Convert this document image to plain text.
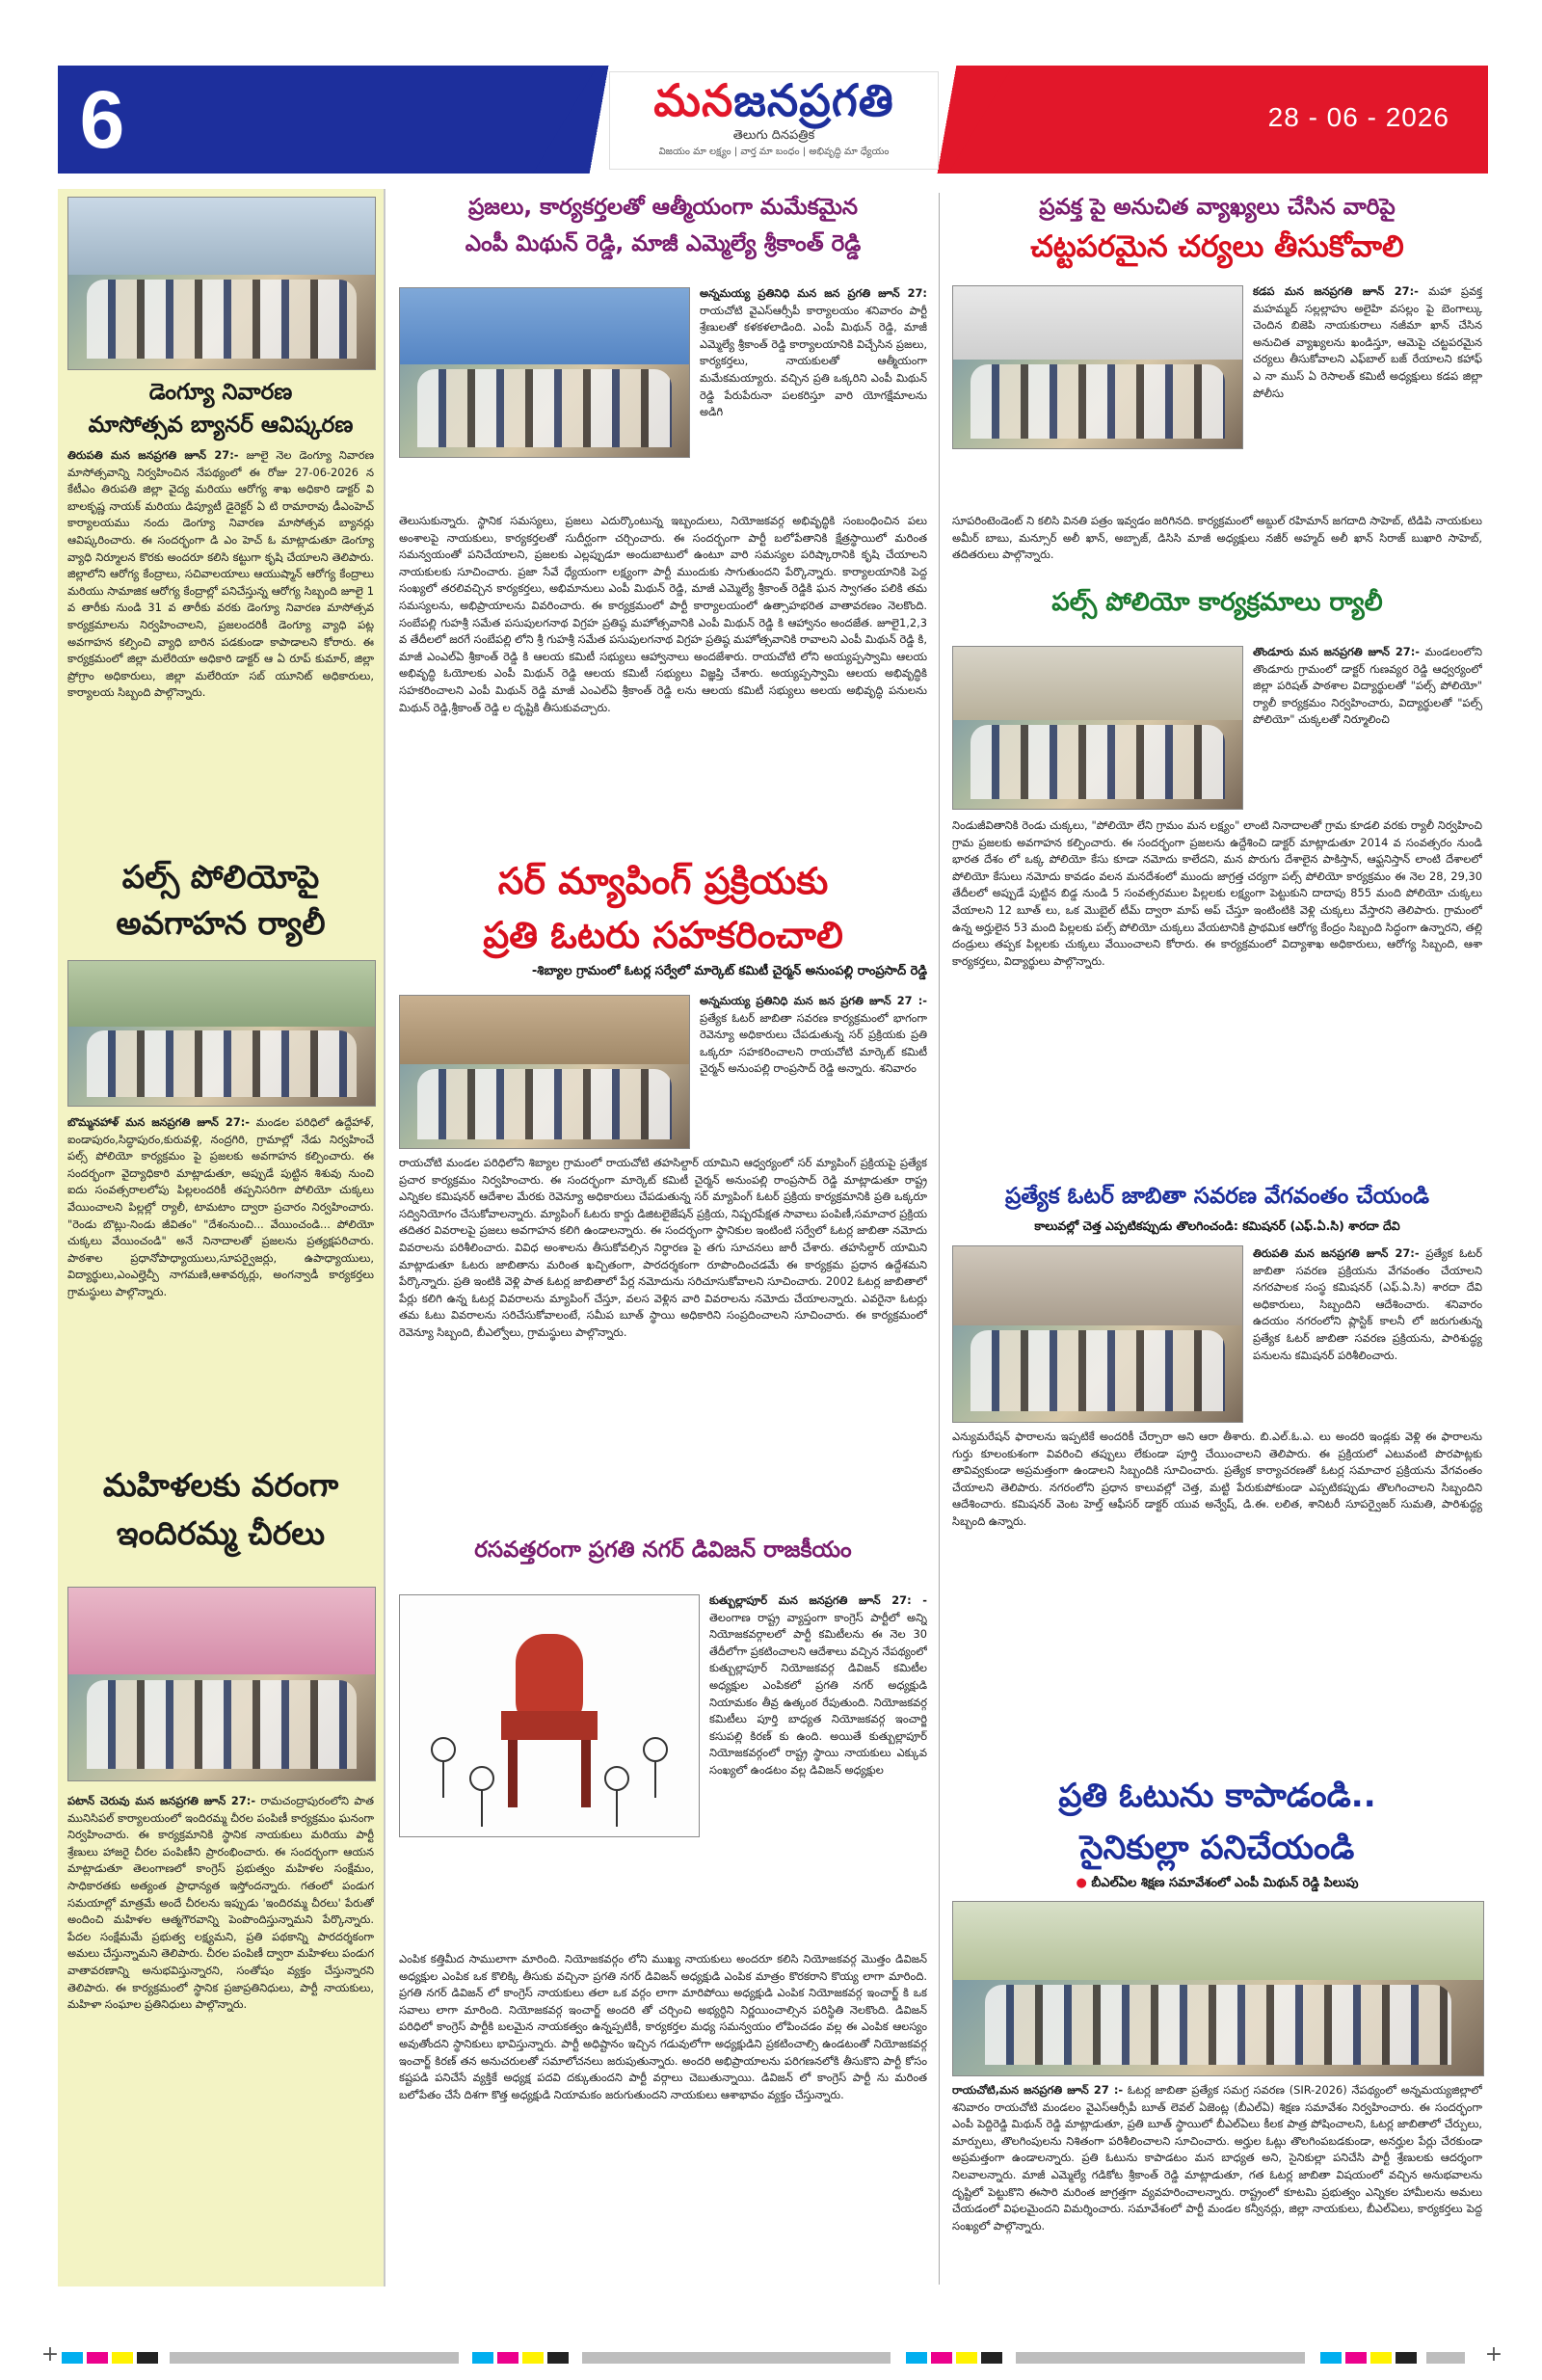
6	మనజనప్రగతి
తెలుగు దినపత్రిక
విజయం మా లక్ష్యం | వార్త మా బంధం | అభివృద్ధి మా ధ్యేయం
28 - 06 - 2026

డెంగ్యూ నివారణ

మాసోత్సవ బ్యానర్ ఆవిష్కరణ

తిరుపతి మన జనప్రగతి జూన్ 27:- జూలై నెల డెంగ్యూ నివారణ మాసోత్సవాన్ని నిర్వహించిన నేపథ్యంలో ఈ రోజు 27-06-2026 న కేటీఎం తిరుపతి జిల్లా వైద్య మరియు ఆరోగ్య శాఖ అధికారి డాక్టర్ వి బాలకృష్ణ నాయక్ మరియు డిప్యూటీ డైరెక్టర్ ఏ టి రామారావు డీఎంహెచ్ కార్యాలయము నందు డెంగ్యూ నివారణ మాసోత్సవ బ్యానర్లు ఆవిష్కరించారు. ఈ సందర్భంగా డి ఎం హెచ్ ఓ మాట్లాడుతూ డెంగ్యూ వ్యాధి నిర్మూలన కొరకు అందరూ కలిసి కట్టుగా కృషి చేయాలని తెలిపారు. జిల్లాలోని ఆరోగ్య కేంద్రాలు, సచివాలయాలు ఆయుష్మాన్ ఆరోగ్య కేంద్రాలు మరియు సామాజిక ఆరోగ్య కేంద్రాల్లో పనిచేస్తున్న ఆరోగ్య సిబ్బంది జూలై 1 వ తారీకు నుండి 31 వ తారీకు వరకు డెంగ్యూ నివారణ మాసోత్సవ కార్యక్రమాలను నిర్వహించాలని, ప్రజలందరికీ డెంగ్యూ వ్యాధి పట్ల అవగాహన కల్పించి వ్యాధి బారిన పడకుండా కాపాడాలని కోరారు. ఈ కార్యక్రమంలో జిల్లా మలేరియా అధికారి డాక్టర్ ఆ ఏ రూప్ కుమార్, జిల్లా ప్రోగ్రాం అధికారులు, జిల్లా మలేరియా సబ్ యూనిట్ అధికారులు, కార్యాలయ సిబ్బంది పాల్గొన్నారు.

పల్స్ పోలియోపై

అవగాహన ర్యాలీ

బొమ్మనహాళ్ మన జనప్రగతి జూన్ 27:- మండల పరిధిలో ఉద్దేహాళ్, ఐండాపురం,సిద్ధాపురం,కురువళ్లి, నంద్రగిరి, గ్రామాల్లో నేడు నిర్వహించే పల్స్ పోలియో కార్యక్రమం పై ప్రజలకు అవగాహన కల్పించారు. ఈ సందర్భంగా వైద్యాధికారి మాట్లాడుతూ, అప్పుడే పుట్టిన శిశువు నుంచి ఐదు సంవత్సరాలలోపు పిల్లలందరికీ తప్పనిసరిగా పోలియో చుక్కలు వేయించాలని పిల్లల్లో ర్యాలీ, టామటాం ద్వారా ప్రచారం నిర్వహించారు. "రెండు బొట్లు-నిండు జీవితం" "దేశంనుంచి... వేయించండి... పోలియో చుక్కలు వేయించండి" అనే నినాదాలతో ప్రజలను ప్రత్యక్షపరిచారు. పాఠశాల ప్రధానోపాధ్యాయులు,సూపర్వైజర్లు, ఉపాధ్యాయులు, విద్యార్థులు,ఎంఎల్హెచ్పీ నాగమణి,ఆశావర్కర్లు, అంగన్వాడీ కార్యకర్తలు గ్రామస్థులు పాల్గొన్నారు.

మహిళలకు వరంగా

ఇందిరమ్మ చీరలు

పటాన్ చెరువు మన జనప్రగతి జూన్ 27:- రామచంద్రాపురంలోని పాత మునిసిపల్ కార్యాలయంలో ఇందిరమ్మ చీరల పంపిణీ కార్యక్రమం ఘనంగా నిర్వహించారు. ఈ కార్యక్రమానికి స్థానిక నాయకులు మరియు పార్టీ శ్రేణులు హాజరై చీరల పంపిణీని ప్రారంభించారు. ఈ సందర్భంగా ఆయన మాట్లాడుతూ తెలంగాణలో కాంగ్రెస్ ప్రభుత్వం మహిళల సంక్షేమం, సాధికారతకు అత్యంత ప్రాధాన్యత ఇస్తోందన్నారు. గతంలో పండుగ సమయాల్లో మాత్రమే అందే చీరలను ఇప్పుడు 'ఇందిరమ్మ చీరలు' పేరుతో అందించి మహిళల ఆత్మగౌరవాన్ని పెంపొందిస్తున్నామని పేర్కొన్నారు. పేదల సంక్షేమమే ప్రభుత్వ లక్ష్యమని, ప్రతి పథకాన్ని పారదర్శకంగా అమలు చేస్తున్నామని తెలిపారు. చీరల పంపిణీ ద్వారా మహిళలు పండుగ వాతావరణాన్ని అనుభవిస్తున్నారని, సంతోషం వ్యక్తం చేస్తున్నారని తెలిపారు. ఈ కార్యక్రమంలో స్థానిక ప్రజాప్రతినిధులు, పార్టీ నాయకులు, మహిళా సంఘాల ప్రతినిధులు పాల్గొన్నారు.

ప్రజలు, కార్యకర్తలతో ఆత్మీయంగా మమేకమైన

ఎంపీ మిథున్ రెడ్డి, మాజీ ఎమ్మెల్యే శ్రీకాంత్ రెడ్డి

అన్నమయ్య ప్రతినిధి మన జన ప్రగతి జూన్ 27: రాయచోటి వైఎస్ఆర్సీపీ కార్యాలయం శనివారం పార్టీ శ్రేణులతో కళకళలాడింది. ఎంపీ మిథున్ రెడ్డి, మాజీ ఎమ్మెల్యే శ్రీకాంత్ రెడ్డి కార్యాలయానికి విచ్చేసిన ప్రజలు, కార్యకర్తలు, నాయకులతో ఆత్మీయంగా మమేకమయ్యారు. వచ్చిన ప్రతి ఒక్కరిని ఎంపీ మిథున్ రెడ్డి పేరుపేరునా పలకరిస్తూ వారి యోగక్షేమాలను అడిగి

తెలుసుకున్నారు. స్థానిక సమస్యలు, ప్రజలు ఎదుర్కొంటున్న ఇబ్బందులు, నియోజకవర్గ అభివృద్ధికి సంబంధించిన పలు అంశాలపై నాయకులు, కార్యకర్తలతో సుదీర్ఘంగా చర్చించారు. ఈ సందర్భంగా పార్టీ బలోపేతానికి క్షేత్రస్థాయిలో మరింత సమన్వయంతో పనిచేయాలని, ప్రజలకు ఎల్లప్పుడూ అందుబాటులో ఉంటూ వారి సమస్యల పరిష్కారానికి కృషి చేయాలని నాయకులకు సూచించారు. ప్రజా సేవే ధ్యేయంగా లక్ష్యంగా పార్టీ ముందుకు సాగుతుందని పేర్కొన్నారు. కార్యాలయానికి పెద్ద సంఖ్యలో తరలివచ్చిన కార్యకర్తలు, అభిమానులు ఎంపీ మిథున్ రెడ్డి, మాజీ ఎమ్మెల్యే శ్రీకాంత్ రెడ్డికి ఘన స్వాగతం పలికి తమ సమస్యలను, అభిప్రాయాలను వివరించారు. ఈ కార్యక్రమంలో పార్టీ కార్యాలయంలో ఉత్సాహభరిత వాతావరణం నెలకొంది. సంబేపల్లి గుహశ్రీ సమేత పసుపులగనాథ విగ్రహ ప్రతిష్ఠ మహోత్సవానికి ఎంపీ మిథున్ రెడ్డి కి ఆహ్వానం అందజేత. జూలై1,2,3 వ తేదీలలో జరగే సంబేపల్లి లోని శ్రీ గుహశ్రీ సమేత పసుపులగనాథ విగ్రహ ప్రతిష్ఠ మహోత్సవానికి రావాలని ఎంపీ మిథున్ రెడ్డి కి, మాజీ ఎంఎల్ఏ శ్రీకాంత్ రెడ్డి కి ఆలయ కమిటీ సభ్యులు ఆహ్వానాలు అందజేశారు. రాయచోటి లోని అయ్యప్పస్వామి ఆలయ అభివృద్ధి ఓయోలకు ఎంపీ మిథున్ రెడ్డి ఆలయ కమిటీ సభ్యులు విజ్ఞప్తి చేశారు. అయ్యప్పస్వామి ఆలయ అభివృద్ధికి సహకరించాలని ఎంపీ మిథున్ రెడ్డి మాజీ ఎంఎల్ఏ శ్రీకాంత్ రెడ్డి లను ఆలయ కమిటీ సభ్యులు అలయ అభివృద్ధి పనులను మిథున్ రెడ్డి,శ్రీకాంత్ రెడ్డి ల దృష్టికి తీసుకువచ్చారు.

సర్ మ్యాపింగ్ ప్రక్రియకు

ప్రతి ఓటరు సహకరించాలి

-శిబ్యాల గ్రామంలో ఓటర్ల సర్వేలో మార్కెట్ కమిటీ చైర్మన్ అనుంపల్లి రాంప్రసాద్ రెడ్డి

అన్నమయ్య ప్రతినిధి మన జన ప్రగతి జూన్ 27 :- ప్రత్యేక ఓటర్ జాబితా సవరణ కార్యక్రమంలో భాగంగా రెవెన్యూ అధికారులు చేపడుతున్న సర్ ప్రక్రియకు ప్రతి ఒక్కరూ సహకరించాలని రాయచోటి మార్కెట్ కమిటీ చైర్మన్ అనుంపల్లి రాంప్రసాద్ రెడ్డి అన్నారు. శనివారం

రాయచోటి మండల పరిధిలోని శిబ్యాల గ్రామంలో రాయచోటి తహసిల్దార్ యామిని ఆధ్వర్యంలో సర్ మ్యాపింగ్ ప్రక్రియపై ప్రత్యేక ప్రచార కార్యక్రమం నిర్వహించారు. ఈ సందర్భంగా మార్కెట్ కమిటీ చైర్మన్ అనుంపల్లి రాంప్రసాద్ రెడ్డి మాట్లాడుతూ రాష్ట్ర ఎన్నికల కమిషనర్ ఆదేశాల మేరకు రెవెన్యూ అధికారులు చేపడుతున్న సర్ మ్యాపింగ్ ఓటర్ ప్రక్రియ కార్యక్రమానికి ప్రతి ఒక్కరూ సద్వినియోగం చేసుకోవాలన్నారు. మ్యాపింగ్ ఓటరు కార్డు డిజిటలైజేషన్ ప్రక్రియ, నిష్పరపేక్షత సావాలు పంపిణీ,సమాచార ప్రక్రియ తదితర వివరాలపై ప్రజలు అవగాహన కలిగి ఉండాలన్నారు. ఈ సందర్భంగా స్థానికుల ఇంటింటి సర్వేలో ఓటర్ల జాబితా నమోదు వివరాలను పరిశీలించారు. వివిధ అంశాలను తీసుకోవల్సిన నిర్ధారణ పై తగు సూచనలు జారీ చేశారు. తహసిల్దార్ యామిని మాట్లాడుతూ ఓటరు జాబితాను మరింత ఖచ్చితంగా, పారదర్శకంగా రూపొందించడమే ఈ కార్యక్రమ ప్రధాన ఉద్దేశమని పేర్కొన్నారు. ప్రతి ఇంటికి వెళ్లి పాత ఓటర్ల జాబితాలో పేర్ల నమోదును సరిచూసుకోవాలని సూచించారు. 2002 ఓటర్ల జాబితాలో పేర్లు కలిగి ఉన్న ఓటర్ల వివరాలను మ్యాపింగ్ చేస్తూ, వలస వెళ్లిన వారి వివరాలను నమోదు చేయాలన్నారు. ఎవరైనా ఓటర్లు తమ ఓటు వివరాలను సరిచేసుకోవాలంటే, సమీప బూత్ స్థాయి అధికారిని సంప్రదించాలని సూచించారు. ఈ కార్యక్రమంలో రెవెన్యూ సిబ్బంది, బీఎల్వోలు, గ్రామస్థులు పాల్గొన్నారు.

రసవత్తరంగా ప్రగతి నగర్ డివిజన్ రాజకీయం

కుత్బుల్లాపూర్ మన జనప్రగతి జూన్ 27: - తెలంగాణ రాష్ట్ర వ్యాప్తంగా కాంగ్రెస్ పార్టీలో అన్ని నియోజకవర్గాలలో పార్టీ కమిటీలను ఈ నెల 30 తేదీలోగా ప్రకటించాలని ఆదేశాలు వచ్చిన నేపథ్యంలో కుత్బుల్లాపూర్ నియోజకవర్గ డివిజన్ కమిటీల అధ్యక్షుల ఎంపికలో ప్రగతి నగర్ అధ్యక్షుడి నియామకం తీవ్ర ఉత్కంఠ రేపుతుంది. నియోజకవర్గ కమిటీలు పూర్తి బాధ్యత నియోజకవర్గ ఇంచార్జి కసుపల్లి కిరణ్ కు ఉంది. అయితే కుత్బుల్లాపూర్ నియోజకవర్గంలో రాష్ట్ర స్థాయి నాయకులు ఎక్కువ సంఖ్యలో ఉండటం వల్ల డివిజన్ అధ్యక్షుల

ఎంపిక కత్తిమీద సాములాగా మారింది. నియోజకవర్గం లోని ముఖ్య నాయకులు అందరూ కలిసి నియోజకవర్గ మొత్తం డివిజన్ అధ్యక్షుల ఎంపిక ఒక కొలిక్కి తీసుకు వచ్చినా ప్రగతి నగర్ డివిజన్ అధ్యక్షుడి ఎంపిక మాత్రం కొరకరాని కొయ్య లాగా మారింది. ప్రగతి నగర్ డివిజన్ లో కాంగ్రెస్ నాయకులు తలా ఒక వర్గం లాగా మారిపోయి అధ్యక్షుడి ఎంపిక నియోజకవర్గ ఇంచార్జ్ కి ఒక సవాలు లాగా మారింది. నియోజకవర్గ ఇంచార్జ్ అందరి తో చర్చించి అభ్యర్ధిని నిర్ణయించాల్సిన పరిస్థితి నెలకొంది. డివిజన్ పరిధిలో కాంగ్రెస్ పార్టీకి బలమైన నాయకత్వం ఉన్నప్పటికీ, కార్యకర్తల మధ్య సమన్వయం లోపించడం వల్ల ఈ ఎంపిక ఆలస్యం అవుతోందని స్థానికులు భావిస్తున్నారు. పార్టీ అధిష్టానం ఇచ్చిన గడువులోగా అధ్యక్షుడిని ప్రకటించాల్సి ఉండటంతో నియోజకవర్గ ఇంచార్జ్ కిరణ్ తన అనుచరులతో సమాలోచనలు జరుపుతున్నారు. అందరి అభిప్రాయాలను పరిగణనలోకి తీసుకొని పార్టీ కోసం కష్టపడి పనిచేసే వ్యక్తికే అధ్యక్ష పదవి దక్కుతుందని పార్టీ వర్గాలు చెబుతున్నాయి. డివిజన్ లో కాంగ్రెస్ పార్టీ ను మరింత బలోపేతం చేసే దిశగా కొత్త అధ్యక్షుడి నియామకం జరుగుతుందని నాయకులు ఆశాభావం వ్యక్తం చేస్తున్నారు.

ప్రవక్త పై అనుచిత వ్యాఖ్యలు చేసిన వారిపై

చట్టపరమైన చర్యలు తీసుకోవాలి

కడప మన జనప్రగతి జూన్ 27:- మహా ప్రవక్త మహమ్మద్ సల్లల్లాహు అలైహి వసల్లం పై బెంగాల్కు చెందిన బిజెపి నాయకురాలు నజీమా ఖాన్ చేసిన అనుచిత వ్యాఖ్యలను ఖండిస్తూ, ఆమెపై చట్టపరమైన చర్యలు తీసుకోవాలని ఎఫ్‌బాల్ బజ్ రేయాలని కహాఫ్ ఎ నా ముస్ ఏ రెసాలత్ కమిటీ అధ్యక్షులు కడప జిల్లా పోలీసు

సూపరింటెండెంట్ ని కలిసి వినతి పత్రం ఇవ్వడం జరిగినది. కార్యక్రమంలో అబ్దుల్ రహిమాన్ జగదాది సాహెబ్, టిడిపి నాయకులు అమీర్ బాబు, మన్సూర్ అలీ ఖాన్, అబ్బాజ్, డిసిసి మాజీ అధ్యక్షులు నజీర్ అహ్మద్ అలీ ఖాన్ సిరాజ్ బుఖారి సాహెబ్, తదితరులు పాల్గొన్నారు.

పల్స్ పోలియో కార్యక్రమాలు ర్యాలీ

తొండూరు మన జనప్రగతి జూన్ 27:- మండలంలోని తొండూరు గ్రామంలో డాక్టర్ గుణవ్యర రెడ్డి ఆధ్వర్యంలో జిల్లా పరిషత్ పాఠశాల విద్యార్థులతో "పల్స్ పోలియో" ర్యాలీ కార్యక్రమం నిర్వహించారు, విద్యార్థులతో "పల్స్ పోలియో" చుక్కలతో నిర్మూలించి

నిండుజీవితానికి రెండు చుక్కలు, "పోలియో లేని గ్రామం మన లక్ష్యం" లాంటి నినాదాలతో గ్రామ కూడలి వరకు ర్యాలీ నిర్వహించి గ్రామ ప్రజలకు అవగాహన కల్పించారు. ఈ సందర్భంగా ప్రజలను ఉద్దేశించి డాక్టర్ మాట్లాడుతూ 2014 వ సంవత్సరం నుండి భారత దేశం లో ఒక్క పోలియో కేసు కూడా నమోదు కాలేదని, మన పొరుగు దేశాలైన పాకిస్తాన్, ఆఫ్ఘనిస్తాన్ లాంటి దేశాలలో పోలియో కేసులు నమోదు కావడం వలన మనదేశంలో ముందు జాగ్రత్త చర్యగా పల్స్ పోలియో కార్యక్రమం ఈ నెల 28, 29,30 తేదీలలో అప్పుడే పుట్టిన బిడ్డ నుండి 5 సంవత్సరముల పిల్లలకు లక్ష్యంగా పెట్టుకుని దాదాపు 855 మంది పోలియో చుక్కలు వేయాలని 12 బూత్ లు, ఒక మొబైల్ టీమ్ ద్వారా మాప్ అప్ చేస్తూ ఇంటింటికి వెళ్లి చుక్కలు వేస్తారని తెలిపారు. గ్రామంలో ఉన్న అర్హులైన 53 మంది పిల్లలకు పల్స్ పోలియో చుక్కలు వేయటానికి ప్రాథమిక ఆరోగ్య కేంద్రం సిబ్బంది సిద్ధంగా ఉన్నారని, తల్లి దండ్రులు తప్పక పిల్లలకు చుక్కలు వేయించాలని కోరారు. ఈ కార్యక్రమంలో విద్యాశాఖ అధికారులు, ఆరోగ్య సిబ్బంది, ఆశా కార్యకర్తలు, విద్యార్థులు పాల్గొన్నారు.

ప్రత్యేక ఓటర్ జాబితా సవరణ వేగవంతం చేయండి

కాలువల్లో చెత్త ఎప్పటికప్పుడు తొలగించండి: కమిషనర్ (ఎఫ్.ఏ.సి) శారదా దేవి

తిరుపతి మన జనప్రగతి జూన్ 27:- ప్రత్యేక ఓటర్ జాబితా సవరణ ప్రక్రియను వేగవంతం చేయాలని నగరపాలక సంస్థ కమిషనర్ (ఎఫ్.ఏ.సి) శారదా దేవి అధికారులు, సిబ్బందిని ఆదేశించారు. శనివారం ఉదయం నగరంలోని ప్లాస్టిక్ కాలనీ లో జరుగుతున్న ప్రత్యేక ఓటర్ జాబితా సవరణ ప్రక్రియను, పారిశుద్ధ్య పనులను కమిషనర్ పరిశీలించారు.

ఎన్యుమరేషన్ ఫారాలను ఇప్పటికే అందరికీ చేర్చారా అని ఆరా తీశారు. బి.ఎల్.ఓ.ఎ. లు అందరి ఇండ్లకు వెళ్లి ఈ ఫారాలను గుర్తు కూలంకుశంగా వివరించి తప్పులు లేకుండా పూర్తి చేయించాలని తెలిపారు. ఈ ప్రక్రియలో ఎటువంటి పొరపాట్లకు తావివ్వకుండా అప్రమత్తంగా ఉండాలని సిబ్బందికి సూచించారు. ప్రత్యేక కార్యాచరణతో ఓటర్ల సమాచార ప్రక్రియను వేగవంతం చేయాలని తెలిపారు. నగరంలోని ప్రధాన కాలువల్లో చెత్త, మట్టి పేరుకుపోకుండా ఎప్పటికప్పుడు తొలగించాలని సిబ్బందిని ఆదేశించారు. కమిషనర్ వెంట హెల్త్ ఆఫీసర్ డాక్టర్ యువ అన్వేష్, డి.ఈ. లలిత, శానిటరీ సూపర్వైజర్ సుమతి, పారిశుద్ధ్య సిబ్బంది ఉన్నారు.

ప్రతి ఓటును కాపాడండి..

సైనికుల్లా పనిచేయండి

● బీఎల్ఏల శిక్షణ సమావేశంలో ఎంపీ మిథున్ రెడ్డి పిలుపు

రాయచోటి,మన జనప్రగతి జూన్ 27 :- ఓటర్ల జాబితా ప్రత్యేక సమగ్ర సవరణ (SIR-2026) నేపథ్యంలో అన్నమయ్యజిల్లాలో శనివారం రాయచోటి మండలం వైఎస్ఆర్సీపీ బూత్ లెవల్ ఏజెంట్ల (బీఎల్ఏ) శిక్షణ సమావేశం నిర్వహించారు. ఈ సందర్భంగా ఎంపీ పెద్దిరెడ్డి మిథున్ రెడ్డి మాట్లాడుతూ, ప్రతి బూత్ స్థాయిలో బీఎల్ఏలు కీలక పాత్ర పోషించాలని, ఓటర్ల జాబితాలో చేర్పులు, మార్పులు, తొలగింపులను నిశితంగా పరిశీలించాలని సూచించారు. అర్హుల ఓట్లు తొలగింపబడకుండా, అనర్హుల పేర్లు చేరకుండా అప్రమత్తంగా ఉండాలన్నారు. ప్రతి ఓటును కాపాడటం మన బాధ్యత అని, సైనికుల్లా పనిచేసి పార్టీ శ్రేణులకు ఆదర్శంగా నిలవాలన్నారు. మాజీ ఎమ్మెల్యే గడికోట శ్రీకాంత్ రెడ్డి మాట్లాడుతూ, గత ఓటర్ల జాబితా విషయంలో వచ్చిన అనుభవాలను దృష్టిలో పెట్టుకొని ఈసారి మరింత జాగ్రత్తగా వ్యవహరించాలన్నారు. రాష్ట్రంలో కూటమి ప్రభుత్వం ఎన్నికల హామీలను అమలు చేయడంలో విఫలమైందని విమర్శించారు. సమావేశంలో పార్టీ మండల కన్వీనర్లు, జిల్లా నాయకులు, బీఎల్ఏలు, కార్యకర్తలు పెద్ద సంఖ్యలో పాల్గొన్నారు.

+	+
